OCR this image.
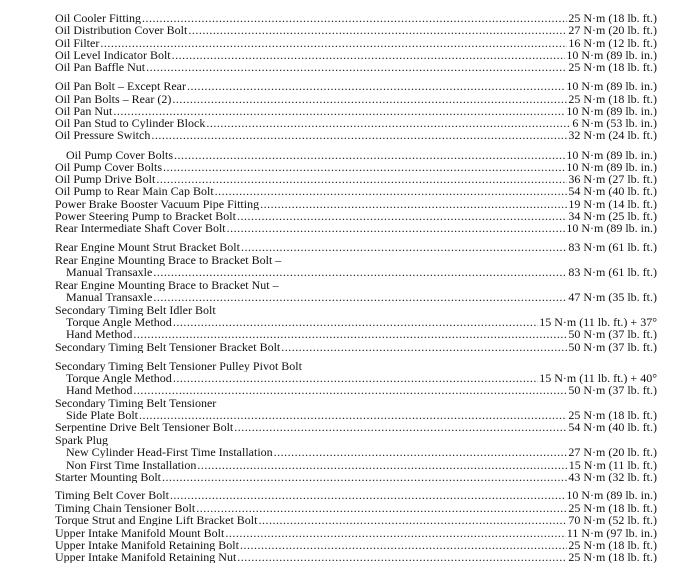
Oil Cooler Fitting .....	25 N·m (18 lb. ft.)
Oil Distribution Cover Bolt .....	27 N·m (20 lb. ft.)
Oil Filter .....	16 N·m (12 lb. ft.)
Oil Level Indicator Bolt .....	10 N·m (89 lb. in.)
Oil Pan Baffle Nut .....	25 N·m (18 lb. ft.)
Oil Pan Bolt – Except Rear .....	10 N·m (89 lb. in.)
Oil Pan Bolts – Rear (2) .....	25 N·m (18 lb. ft.)
Oil Pan Nut .....	10 N·m (89 lb. in.)
Oil Pan Stud to Cylinder Block .....	6 N·m (53 lb. in.)
Oil Pressure Switch .....	32 N·m (24 lb. ft.)
Oil Pump Cover Bolts .....	10 N·m (89 lb. in.)
Oil Pump Cover Bolts .....	10 N·m (89 lb. in.)
Oil Pump Drive Bolt .....	36 N·m (27 lb. ft.)
Oil Pump to Rear Main Cap Bolt .....	54 N·m (40 lb. ft.)
Power Brake Booster Vacuum Pipe Fitting .....	19 N·m (14 lb. ft.)
Power Steering Pump to Bracket Bolt .....	34 N·m (25 lb. ft.)
Rear Intermediate Shaft Cover Bolt .....	10 N·m (89 lb. in.)
Rear Engine Mount Strut Bracket Bolt .....	83 N·m (61 lb. ft.)
Rear Engine Mounting Brace to Bracket Bolt –
Manual Transaxle .....	83 N·m (61 lb. ft.)
Rear Engine Mounting Brace to Bracket Nut –
Manual Transaxle .....	47 N·m (35 lb. ft.)
Secondary Timing Belt Idler Bolt
Torque Angle Method .....	15 N·m (11 lb. ft.) + 37°
Hand Method .....	50 N·m (37 lb. ft.)
Secondary Timing Belt Tensioner Bracket Bolt .....	50 N·m (37 lb. ft.)
Secondary Timing Belt Tensioner Pulley Pivot Bolt
Torque Angle Method .....	15 N·m (11 lb. ft.) + 40°
Hand Method .....	50 N·m (37 lb. ft.)
Secondary Timing Belt Tensioner
Side Plate Bolt .....	25 N·m (18 lb. ft.)
Serpentine Drive Belt Tensioner Bolt .....	54 N·m (40 lb. ft.)
Spark Plug
New Cylinder Head-First Time Installation .....	27 N·m (20 lb. ft.)
Non First Time Installation .....	15 N·m (11 lb. ft.)
Starter Mounting Bolt .....	43 N·m (32 lb. ft.)
Timing Belt Cover Bolt .....	10 N·m (89 lb. in.)
Timing Chain Tensioner Bolt .....	25 N·m (18 lb. ft.)
Torque Strut and Engine Lift Bracket Bolt .....	70 N·m (52 lb. ft.)
Upper Intake Manifold Mount Bolt .....	11 N·m (97 lb. in.)
Upper Intake Manifold Retaining Bolt .....	25 N·m (18 lb. ft.)
Upper Intake Manifold Retaining Nut .....	25 N·m (18 lb. ft.)
